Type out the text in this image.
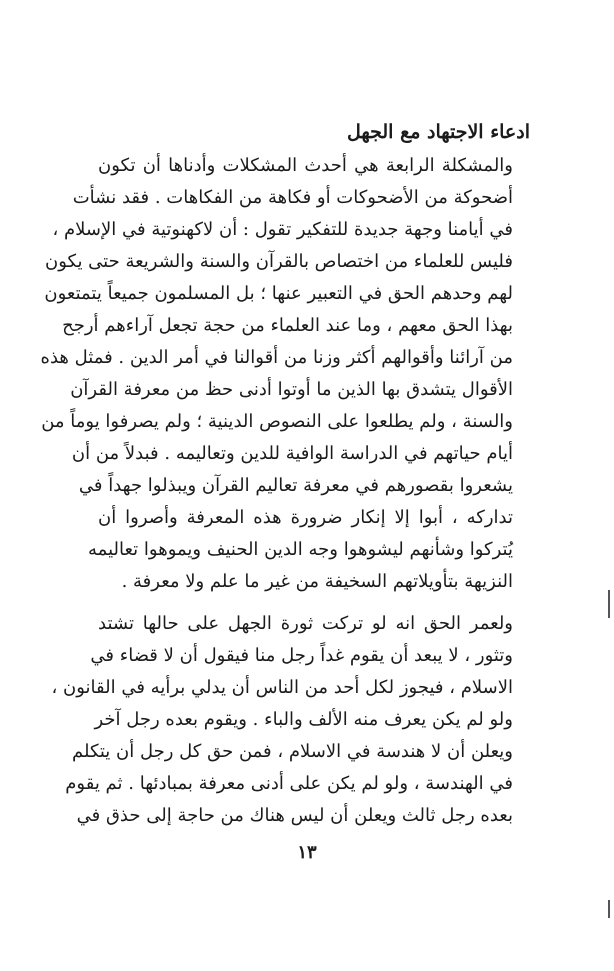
ادعاء الاجتهاد مع الجهل
والمشكلة الرابعة هي أحدث المشكلات وأدناها أن تكون
أضحوكة من الأضحوكات أو فكاهة من الفكاهات . فقد نشأت
في أيامنا وجهة جديدة للتفكير تقول : أن لاكهنوتية في الإسلام ،
فليس للعلماء من اختصاص بالقرآن والسنة والشريعة حتى يكون
لهم وحدهم الحق في التعبير عنها ؛ بل المسلمون جميعاً يتمتعون
بهذا الحق معهم ، وما عند العلماء من حجة تجعل آراءهم أرجح
من آرائنا وأقوالهم أكثر وزنا من أقوالنا في أمر الدين . فمثل هذه
الأقوال يتشدق بها الذين ما أوتوا أدنى حظ من معرفة القرآن
والسنة ، ولم يطلعوا على النصوص الدينية ؛ ولم يصرفوا يوماً من
أيام حياتهم في الدراسة الوافية للدين وتعاليمه . فبدلاً من أن
يشعروا بقصورهم في معرفة تعاليم القرآن ويبذلوا جهداً في
تداركه ، أبوا إلا إنكار ضرورة هذه المعرفة وأصروا أن
يُتركوا وشأنهم ليشوهوا وجه الدين الحنيف ويموهوا تعاليمه
النزيهة بتأويلاتهم السخيفة من غير ما علم ولا معرفة .
ولعمر الحق انه لو تركت ثورة الجهل على حالها تشتد
وتثور ، لا يبعد أن يقوم غداً رجل منا فيقول أن لا قضاء في
الاسلام ، فيجوز لكل أحد من الناس أن يدلي برأيه في القانون ،
ولو لم يكن يعرف منه الألف والباء . ويقوم بعده رجل آخر
ويعلن أن لا هندسة في الاسلام ، فمن حق كل رجل أن يتكلم
في الهندسة ، ولو لم يكن على أدنى معرفة بمبادئها . ثم يقوم
بعده رجل ثالث ويعلن أن ليس هناك من حاجة إلى حذق في
١٣
